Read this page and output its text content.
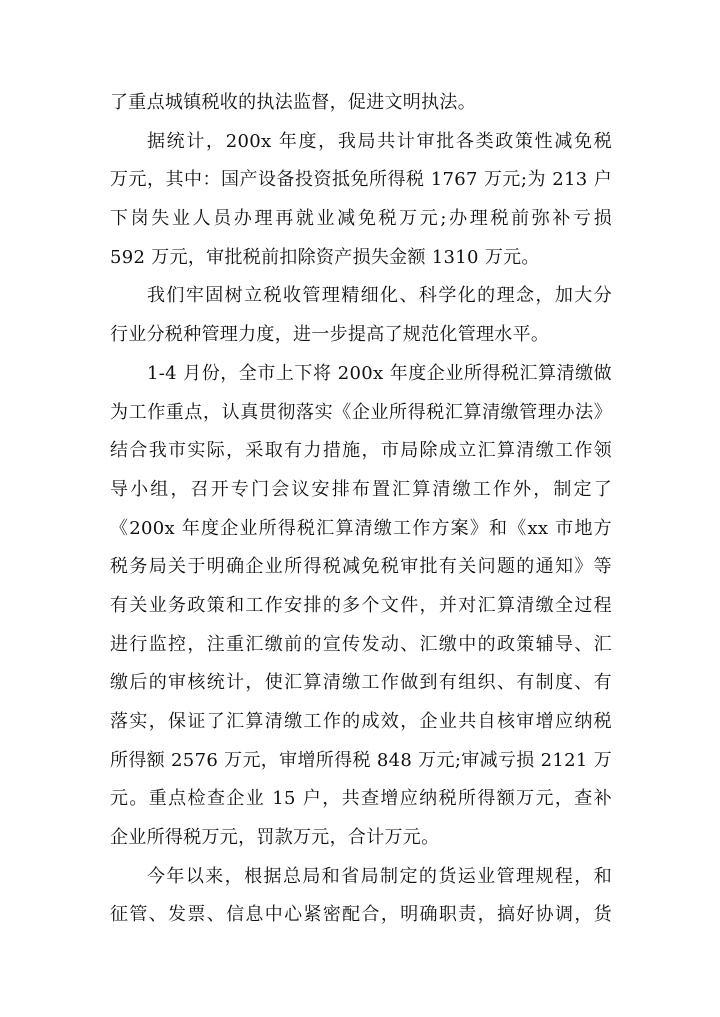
了重点城镇税收的执法监督，促进文明执法。
据统计，200x 年度，我局共计审批各类政策性减免税
万元，其中：国产设备投资抵免所得税 1767 万元;为 213 户
下岗失业人员办理再就业减免税万元;办理税前弥补亏损
592 万元，审批税前扣除资产损失金额 1310 万元。
我们牢固树立税收管理精细化、科学化的理念，加大分
行业分税种管理力度，进一步提高了规范化管理水平。
1-4 月份，全市上下将 200x 年度企业所得税汇算清缴做
为工作重点，认真贯彻落实《企业所得税汇算清缴管理办法》
结合我市实际，采取有力措施，市局除成立汇算清缴工作领
导小组，召开专门会议安排布置汇算清缴工作外，制定了
《200x 年度企业所得税汇算清缴工作方案》和《xx 市地方
税务局关于明确企业所得税减免税审批有关问题的通知》等
有关业务政策和工作安排的多个文件，并对汇算清缴全过程
进行监控，注重汇缴前的宣传发动、汇缴中的政策辅导、汇
缴后的审核统计，使汇算清缴工作做到有组织、有制度、有
落实，保证了汇算清缴工作的成效，企业共自核审增应纳税
所得额 2576 万元，审增所得税 848 万元;审减亏损 2121 万
元。重点检查企业 15 户，共查增应纳税所得额万元，查补
企业所得税万元，罚款万元，合计万元。
今年以来，根据总局和省局制定的货运业管理规程，和
征管、发票、信息中心紧密配合，明确职责，搞好协调，货
